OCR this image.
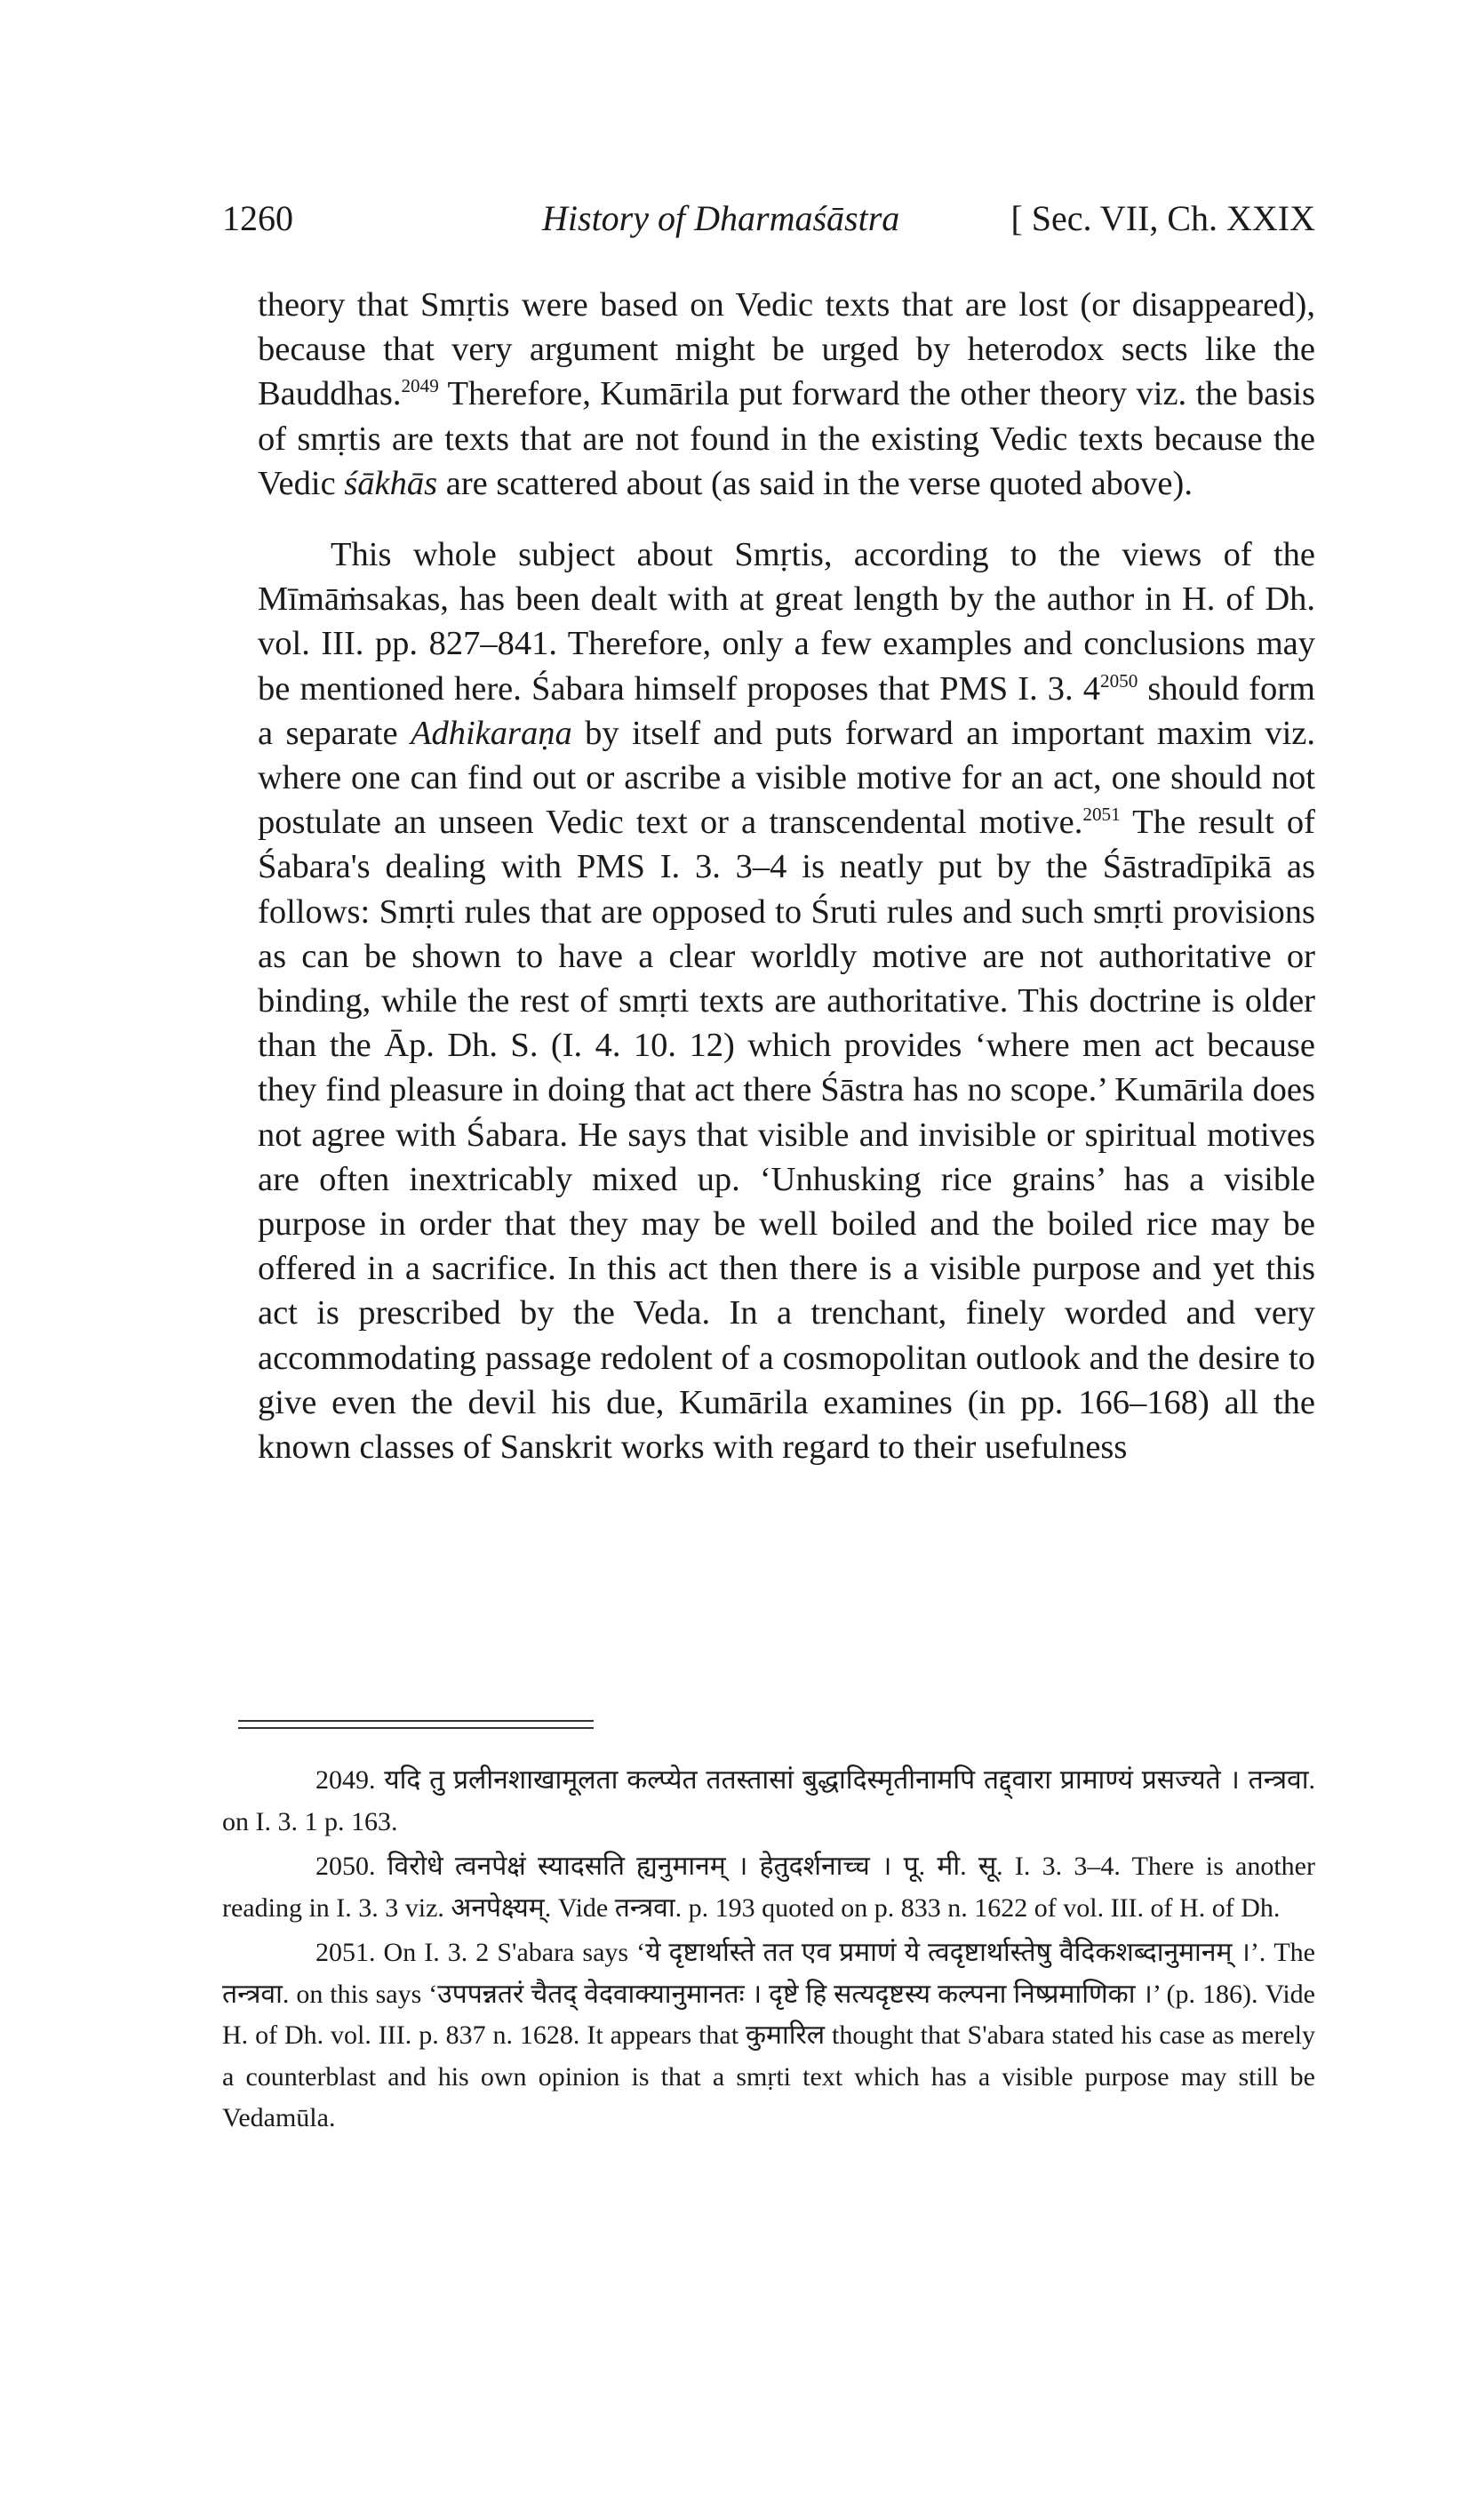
1260	History of Dharmaśāstra	[ Sec. VII, Ch. XXIX

theory that Smṛtis were based on Vedic texts that are lost (or disappeared), because that very argument might be urged by heterodox sects like the Bauddhas.$^{2049}$ Therefore, Kumārila put forward the other theory viz. the basis of smṛtis are texts that are not found in the existing Vedic texts because the Vedic śākhās are scattered about (as said in the verse quoted above).

This whole subject about Smṛtis, according to the views of the Mīmāṁsakas, has been dealt with at great length by the author in H. of Dh. vol. III. pp. 827–841. Therefore, only a few examples and conclusions may be mentioned here. Śabara himself proposes that PMS I. 3. $4^{2050}$ should form a separate Adhikaraṇa by itself and puts forward an important maxim viz. where one can find out or ascribe a visible motive for an act, one should not postulate an unseen Vedic text or a transcendental motive.$^{2051}$ The result of Śabara's dealing with PMS I. 3. 3–4 is neatly put by the Śāstradīpikā as follows: Smṛti rules that are opposed to Śruti rules and such smṛti provisions as can be shown to have a clear worldly motive are not authoritative or binding, while the rest of smṛti texts are authoritative. This doctrine is older than the Āp. Dh. S. (I. 4. 10. 12) which provides ‘where men act because they find pleasure in doing that act there Śāstra has no scope.’ Kumārila does not agree with Śabara. He says that visible and invisible or spiritual motives are often inextricably mixed up. ‘Unhusking rice grains’ has a visible purpose in order that they may be well boiled and the boiled rice may be offered in a sacrifice. In this act then there is a visible purpose and yet this act is prescribed by the Veda. In a trenchant, finely worded and very accommodating passage redolent of a cosmopolitan outlook and the desire to give even the devil his due, Kumārila examines (in pp. 166–168) all the known classes of Sanskrit works with regard to their usefulness

2049. यदि तु प्रलीनशाखामूलता कल्प्येत ततस्तासां बुद्धादिस्मृतीनामपि तद्द्वारा प्रामाण्यं प्रसज्यते । तन्त्रवा. on I. 3. 1 p. 163.

2050. विरोधे त्वनपेक्षं स्यादसति ह्यनुमानम् । हेतुदर्शनाच्च । पू. मी. सू. I. 3. 3–4. There is another reading in I. 3. 3 viz. अनपेक्ष्यम्. Vide तन्त्रवा. p. 193 quoted on p. 833 n. 1622 of vol. III. of H. of Dh.

2051. On I. 3. 2 S'abara says ‘ये दृष्टार्थास्ते तत एव प्रमाणं ये त्वदृष्टार्थास्तेषु वैदिकशब्दानुमानम् ।’. The तन्त्रवा. on this says ‘उपपन्नतरं चैतद् वेदवाक्यानुमानतः । दृष्टे हि सत्यदृष्टस्य कल्पना निष्प्रमाणिका ।’ (p. 186). Vide H. of Dh. vol. III. p. 837 n. 1628. It appears that कुमारिल thought that S'abara stated his case as merely a counterblast and his own opinion is that a smṛti text which has a visible purpose may still be Vedamūla.
